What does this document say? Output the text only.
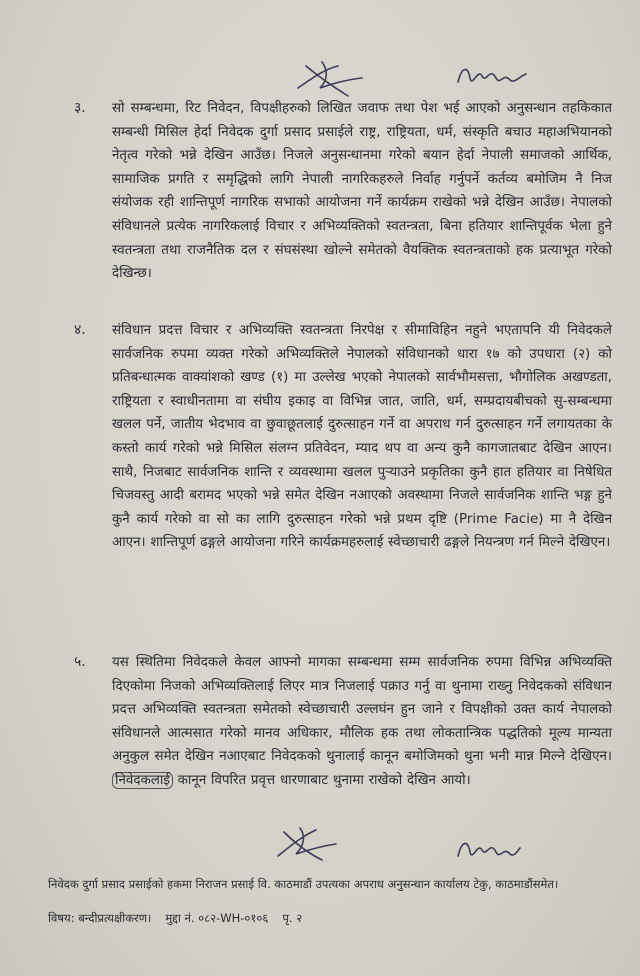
३. सो सम्बन्धमा, रिट निवेदन, विपक्षीहरुको लिखित जवाफ तथा पेश भई आएको अनुसन्धान तहकिकात सम्बन्धी मिसिल हेर्दा निवेदक दुर्गा प्रसाद प्रसाईले राष्ट्र, राष्ट्रियता, धर्म, संस्कृति बचाउ महाअभियानको नेतृत्व गरेको भन्ने देखिन आउँछ। निजले अनुसन्धानमा गरेको बयान हेर्दा नेपाली समाजको आर्थिक, सामाजिक प्रगति र समृद्धिको लागि नेपाली नागरिकहरुले निर्वाह गर्नुपर्ने कर्तव्य बमोजिम नै निज संयोजक रही शान्तिपूर्ण नागरिक सभाको आयोजना गर्ने कार्यक्रम राखेको भन्ने देखिन आउँछ। नेपालको संविधानले प्रत्येक नागरिकलाई विचार र अभिव्यक्तिको स्वतन्त्रता, बिना हतियार शान्तिपूर्वक भेला हुने स्वतन्त्रता तथा राजनैतिक दल र संघसंस्था खोल्ने समेतको वैयक्तिक स्वतन्त्रताको हक प्रत्याभूत गरेको देखिन्छ।
४. संविधान प्रदत्त विचार र अभिव्यक्ति स्वतन्त्रता निरपेक्ष र सीमाविहिन नहुने भएतापनि यी निवेदकले सार्वजनिक रुपमा व्यक्त गरेको अभिव्यक्तिले नेपालको संविधानको धारा १७ को उपधारा (२) को प्रतिबन्धात्मक वाक्यांशको खण्ड (१) मा उल्लेख भएको नेपालको सार्वभौमसत्ता, भौगोलिक अखण्डता, राष्ट्रियता र स्वाधीनतामा वा संघीय इकाइ वा विभिन्न जात, जाति, धर्म, सम्प्रदायबीचको सु-सम्बन्धमा खलल पर्ने, जातीय भेदभाव वा छुवाछूतलाई दुरुत्साहन गर्ने वा अपराध गर्न दुरुत्साहन गर्ने लगायतका के कस्तो कार्य गरेको भन्ने मिसिल संलग्न प्रतिवेदन, म्याद थप वा अन्य कुनै कागजातबाट देखिन आएन। साथै, निजबाट सार्वजनिक शान्ति र व्यवस्थामा खलल पुऱ्याउने प्रकृतिका कुनै हात हतियार वा निषेधित चिजवस्तु आदी बरामद भएको भन्ने समेत देखिन नआएको अवस्थामा निजले सार्वजनिक शान्ति भङ्ग हुने कुनै कार्य गरेको वा सो का लागि दुरुत्साहन गरेको भन्ने प्रथम दृष्टि (Prime Facie) मा नै देखिन आएन। शान्तिपूर्ण ढङ्गले आयोजना गरिने कार्यक्रमहरुलाई स्वेच्छाचारी ढङ्गले नियन्त्रण गर्न मिल्ने देखिएन।
५. यस स्थितिमा निवेदकले केवल आफ्नो मागका सम्बन्धमा सम्म सार्वजनिक रुपमा विभिन्न अभिव्यक्ति दिएकोमा निजको अभिव्यक्तिलाई लिएर मात्र निजलाई पक्राउ गर्नु वा थुनामा राख्नु निवेदकको संविधान प्रदत्त अभिव्यक्ति स्वतन्त्रता समेतको स्वेच्छाचारी उल्लघंन हुन जाने र विपक्षीको उक्त कार्य नेपालको संविधानले आत्मसात गरेको मानव अधिकार, मौलिक हक तथा लोकतान्त्रिक पद्धतिको मूल्य मान्यता अनुकुल समेत देखिन नआएबाट निवेदकको थुनालाई कानून बमोजिमको थुना भनी मान्न मिल्ने देखिएन। निवेदकलाई कानून विपरित प्रवृत्त धारणाबाट थुनामा राखेको देखिन आयो।
निवेदक दुर्गा प्रसाद प्रसाईको हकमा निराजन प्रसाई वि. काठमाडौं उपत्यका अपराध अनुसन्धान कार्यालय टेकु, काठमाडौंसमेत।
विषय: बन्दीप्रत्यक्षीकरण। मुद्दा नं. ०८२-WH-०१०६ पृ. २
